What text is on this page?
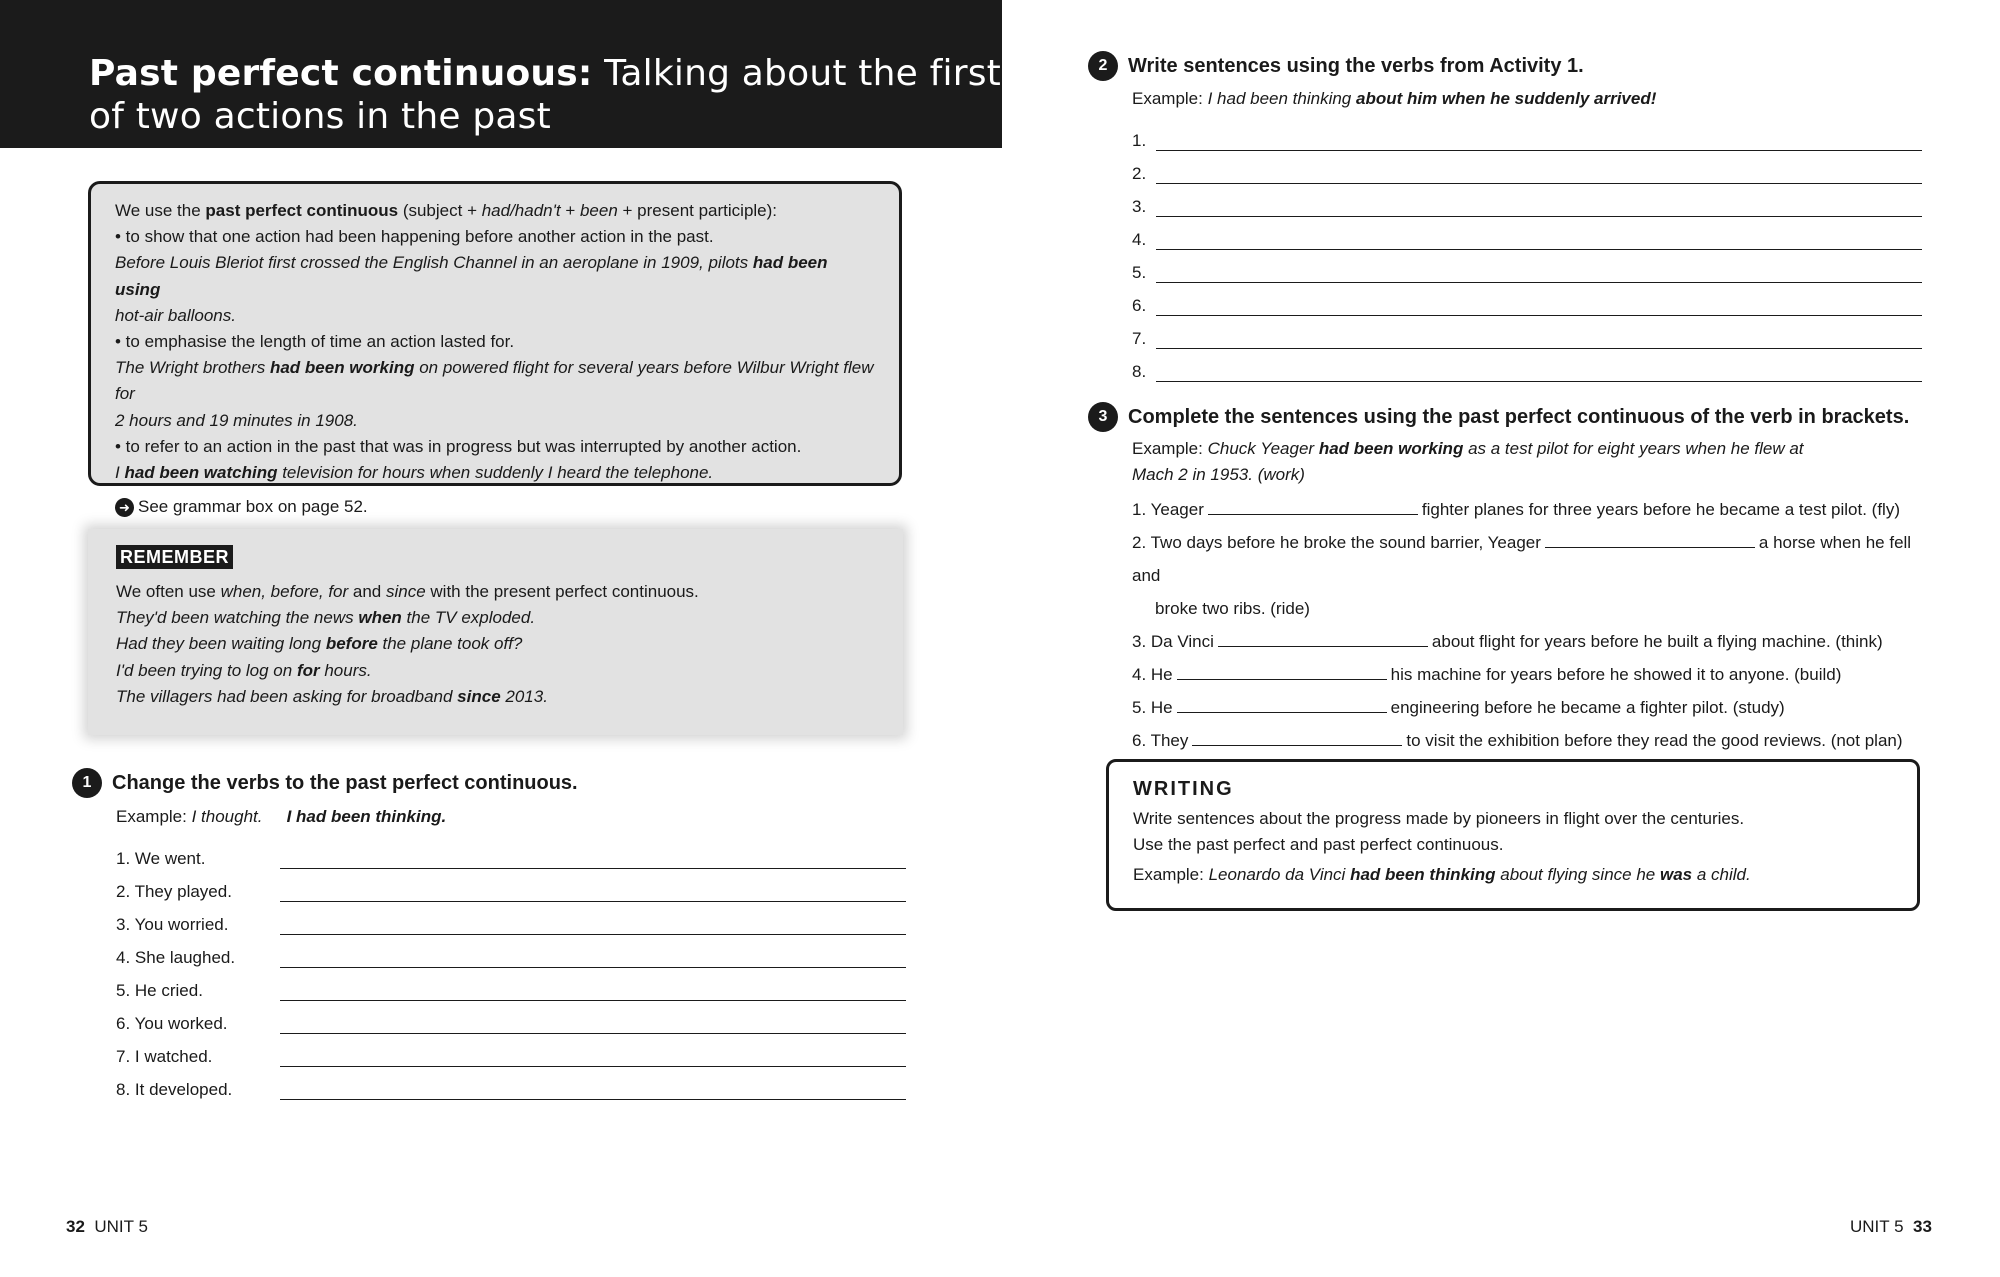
Past perfect continuous: Talking about the first
of two actions in the past
We use the past perfect continuous (subject + had/hadn't + been + present participle):
• to show that one action had been happening before another action in the past.
Before Louis Bleriot first crossed the English Channel in an aeroplane in 1909, pilots had been using
hot-air balloons.
• to emphasise the length of time an action lasted for.
The Wright brothers had been working on powered flight for several years before Wilbur Wright flew for
2 hours and 19 minutes in 1908.
• to refer to an action in the past that was in progress but was interrupted by another action.
I had been watching television for hours when suddenly I heard the telephone.
➜ See grammar box on page 52.
REMEMBER
We often use when, before, for and since with the present perfect continuous.
They'd been watching the news when the TV exploded.
Had they been waiting long before the plane took off?
I'd been trying to log on for hours.
The villagers had been asking for broadband since 2013.
1	Change the verbs to the past perfect continuous.
Example: I thought. I had been thinking.
1. We went.
2. They played.
3. You worried.
4. She laughed.
5. He cried.
6. You worked.
7. I watched.
8. It developed.
32 UNIT 5
2	Write sentences using the verbs from Activity 1.
Example: I had been thinking about him when he suddenly arrived!
1.
2.
3.
4.
5.
6.
7.
8.
3	Complete the sentences using the past perfect continuous of the verb in brackets.
Example: Chuck Yeager had been working as a test pilot for eight years when he flew at
Mach 2 in 1953. (work)
1. Yeager	fighter planes for three years before he became a test pilot. (fly)
2. Two days before he broke the sound barrier, Yeager	a horse when he fell and
broke two ribs. (ride)
3. Da Vinci	about flight for years before he built a flying machine. (think)
4. He	his machine for years before he showed it to anyone. (build)
5. He	engineering before he became a fighter pilot. (study)
6. They	to visit the exhibition before they read the good reviews. (not plan)
WRITING
Write sentences about the progress made by pioneers in flight over the centuries.
Use the past perfect and past perfect continuous.
Example: Leonardo da Vinci had been thinking about flying since he was a child.
UNIT 5 33
